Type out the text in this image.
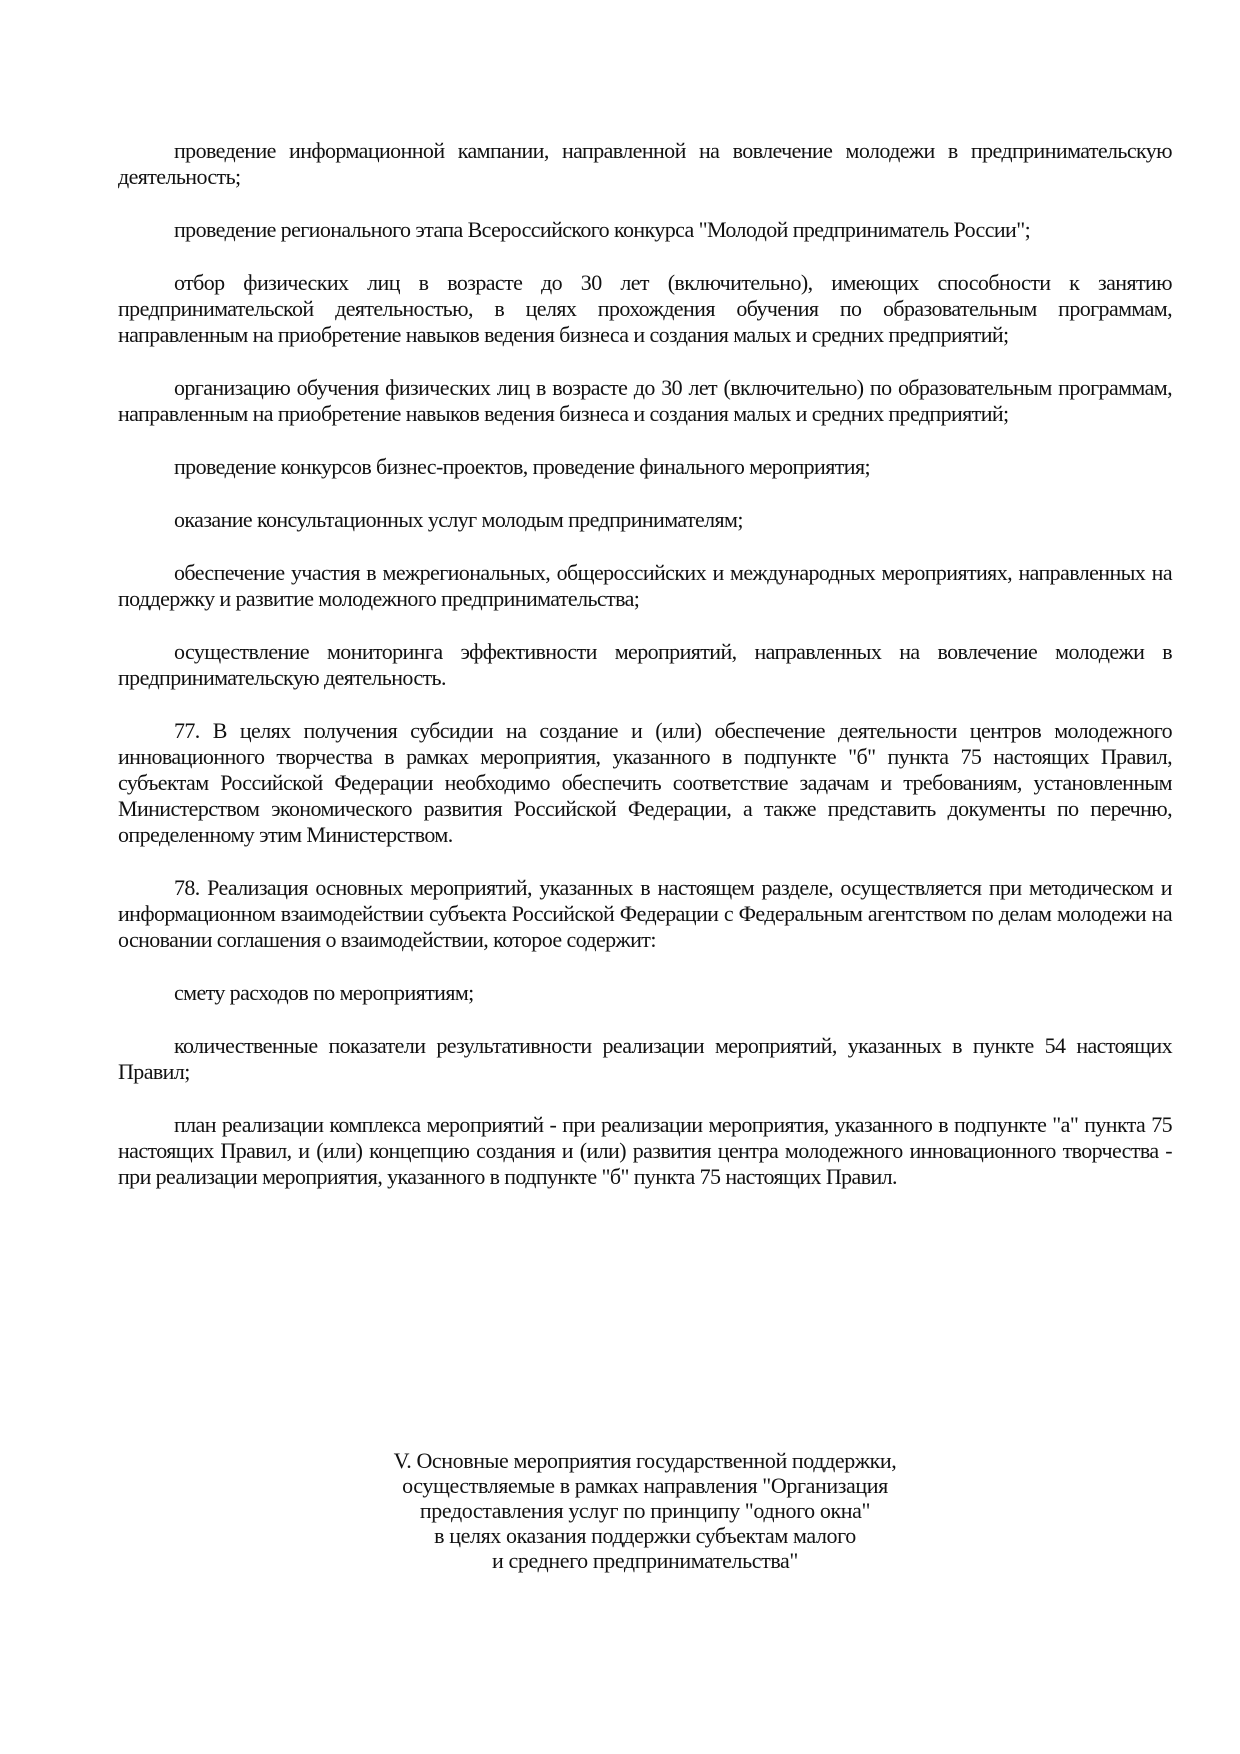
проведение информационной кампании, направленной на вовлечение молодежи в предпринимательскую деятельность;

проведение регионального этапа Всероссийского конкурса "Молодой предприниматель России";

отбор физических лиц в возрасте до 30 лет (включительно), имеющих способности к занятию предпринимательской деятельностью, в целях прохождения обучения по образовательным программам, направленным на приобретение навыков ведения бизнеса и создания малых и средних предприятий;

организацию обучения физических лиц в возрасте до 30 лет (включительно) по образовательным программам, направленным на приобретение навыков ведения бизнеса и создания малых и средних предприятий;

проведение конкурсов бизнес-проектов, проведение финального мероприятия;

оказание консультационных услуг молодым предпринимателям;

обеспечение участия в межрегиональных, общероссийских и международных мероприятиях, направленных на поддержку и развитие молодежного предпринимательства;

осуществление мониторинга эффективности мероприятий, направленных на вовлечение молодежи в предпринимательскую деятельность.

77. В целях получения субсидии на создание и (или) обеспечение деятельности центров молодежного инновационного творчества в рамках мероприятия, указанного в подпункте "б" пункта 75 настоящих Правил, субъектам Российской Федерации необходимо обеспечить соответствие задачам и требованиям, установленным Министерством экономического развития Российской Федерации, а также представить документы по перечню, определенному этим Министерством.

78. Реализация основных мероприятий, указанных в настоящем разделе, осуществляется при методическом и информационном взаимодействии субъекта Российской Федерации с Федеральным агентством по делам молодежи на основании соглашения о взаимодействии, которое содержит:

смету расходов по мероприятиям;

количественные показатели результативности реализации мероприятий, указанных в пункте 54 настоящих Правил;

план реализации комплекса мероприятий - при реализации мероприятия, указанного в подпункте "а" пункта 75 настоящих Правил, и (или) концепцию создания и (или) развития центра молодежного инновационного творчества - при реализации мероприятия, указанного в подпункте "б" пункта 75 настоящих Правил.

V. Основные мероприятия государственной поддержки,
осуществляемые в рамках направления "Организация
предоставления услуг по принципу "одного окна"
в целях оказания поддержки субъектам малого
и среднего предпринимательства"
